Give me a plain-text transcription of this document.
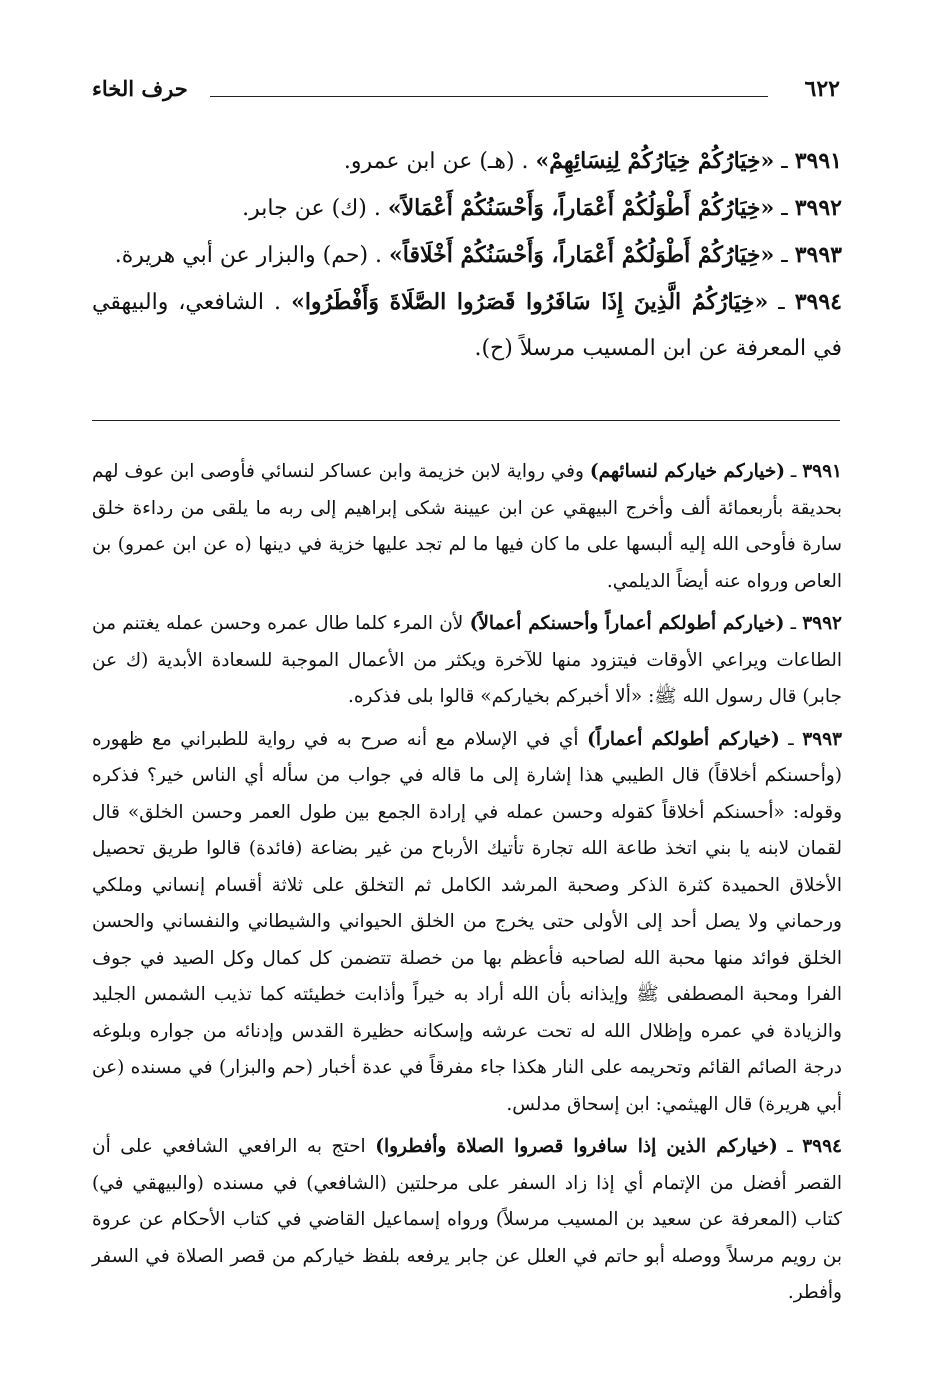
٦٢٢
حرف الخاء

٣٩٩١ ـ «خِيَارُكُمْ خِيَارُكُمْ لِنِسَائِهِمْ» . (هـ) عن ابن عمرو.

٣٩٩٢ ـ «خِيَارُكُمْ أَطْوَلُكُمْ أَعْمَاراً، وَأَحْسَنُكُمْ أَعْمَالاً» . (ك) عن جابر.

٣٩٩٣ ـ «خِيَارُكُمْ أَطْوَلُكُمْ أَعْمَاراً، وَأَحْسَنُكُمْ أَخْلَاقاً» . (حم) والبزار عن أبي هريرة.

٣٩٩٤ ـ «خِيَارُكُمُ الَّذِينَ إِذَا سَافَرُوا قَصَرُوا الصَّلَاةَ وَأَفْطَرُوا» . الشافعي، والبيهقي في المعرفة عن ابن المسيب مرسلاً (ح).

٣٩٩١ ـ (خياركم خياركم لنسائهم) وفي رواية لابن خزيمة وابن عساكر لنسائي فأوصى ابن عوف لهم بحديقة بأربعمائة ألف وأخرج البيهقي عن ابن عيينة شكى إبراهيم إلى ربه ما يلقى من رداءة خلق سارة فأوحى الله إليه ألبسها على ما كان فيها ما لم تجد عليها خزية في دينها (ه عن ابن عمرو) بن العاص ورواه عنه أيضاً الديلمي.

٣٩٩٢ ـ (خياركم أطولكم أعماراً وأحسنكم أعمالاً) لأن المرء كلما طال عمره وحسن عمله يغتنم من الطاعات ويراعي الأوقات فيتزود منها للآخرة ويكثر من الأعمال الموجبة للسعادة الأبدية (ك عن جابر) قال رسول الله ﷺ: «ألا أخبركم بخياركم» قالوا بلى فذكره.

٣٩٩٣ ـ (خياركم أطولكم أعماراً) أي في الإسلام مع أنه صرح به في رواية للطبراني مع ظهوره (وأحسنكم أخلاقاً) قال الطيبي هذا إشارة إلى ما قاله في جواب من سأله أي الناس خير؟ فذكره وقوله: «أحسنكم أخلاقاً كقوله وحسن عمله في إرادة الجمع بين طول العمر وحسن الخلق» قال لقمان لابنه يا بني اتخذ طاعة الله تجارة تأتيك الأرباح من غير بضاعة (فائدة) قالوا طريق تحصيل الأخلاق الحميدة كثرة الذكر وصحبة المرشد الكامل ثم التخلق على ثلاثة أقسام إنساني وملكي ورحماني ولا يصل أحد إلى الأولى حتى يخرج من الخلق الحيواني والشيطاني والنفساني والحسن الخلق فوائد منها محبة الله لصاحبه فأعظم بها من خصلة تتضمن كل كمال وكل الصيد في جوف الفرا ومحبة المصطفى ﷺ وإيذانه بأن الله أراد به خيراً وأذابت خطيئته كما تذيب الشمس الجليد والزيادة في عمره وإظلال الله له تحت عرشه وإسكانه حظيرة القدس وإدنائه من جواره وبلوغه درجة الصائم القائم وتحريمه على النار هكذا جاء مفرقاً في عدة أخبار (حم والبزار) في مسنده (عن أبي هريرة) قال الهيثمي: ابن إسحاق مدلس.

٣٩٩٤ ـ (خياركم الذين إذا سافروا قصروا الصلاة وأفطروا) احتج به الرافعي الشافعي على أن القصر أفضل من الإتمام أي إذا زاد السفر على مرحلتين (الشافعي) في مسنده (والبيهقي في) كتاب (المعرفة عن سعيد بن المسيب مرسلاً) ورواه إسماعيل القاضي في كتاب الأحكام عن عروة بن رويم مرسلاً ووصله أبو حاتم في العلل عن جابر يرفعه بلفظ خياركم من قصر الصلاة في السفر وأفطر.
